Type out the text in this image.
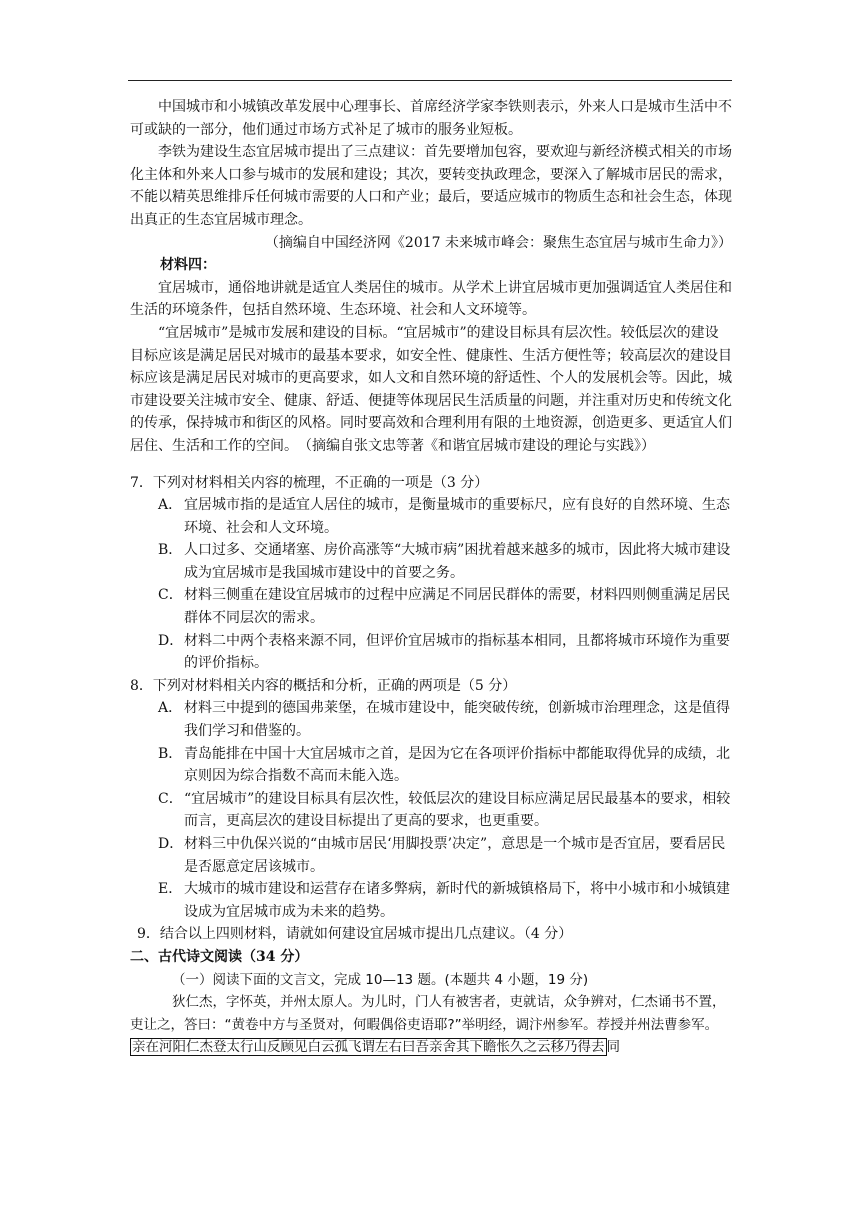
中国城市和小城镇改革发展中心理事长、首席经济学家李铁则表示，外来人口是城市生活中不可或缺的一部分，他们通过市场方式补足了城市的服务业短板。

李铁为建设生态宜居城市提出了三点建议：首先要增加包容，要欢迎与新经济模式相关的市场化主体和外来人口参与城市的发展和建设；其次，要转变执政理念，要深入了解城市居民的需求，不能以精英思维排斥任何城市需要的人口和产业；最后，要适应城市的物质生态和社会生态，体现出真正的生态宜居城市理念。

（摘编自中国经济网《2017 未来城市峰会：聚焦生态宜居与城市生命力》）

材料四：

宜居城市，通俗地讲就是适宜人类居住的城市。从学术上讲宜居城市更加强调适宜人类居住和生活的环境条件，包括自然环境、生态环境、社会和人文环境等。

“宜居城市”是城市发展和建设的目标。“宜居城市”的建设目标具有层次性。较低层次的建设目标应该是满足居民对城市的最基本要求，如安全性、健康性、生活方便性等；较高层次的建设目标应该是满足居民对城市的更高要求，如人文和自然环境的舒适性、个人的发展机会等。因此，城市建设要关注城市安全、健康、舒适、便捷等体现居民生活质量的问题，并注重对历史和传统文化的传承，保持城市和街区的风格。同时要高效和合理利用有限的土地资源，创造更多、更适宜人们居住、生活和工作的空间。　（摘编自张文忠等著《和谐宜居城市建设的理论与实践》）

7．下列对材料相关内容的梳理，不正确的一项是（3 分）

A． 宜居城市指的是适宜人居住的城市，是衡量城市的重要标尺，应有良好的自然环境、生态环境、社会和人文环境。
B． 人口过多、交通堵塞、房价高涨等“大城市病”困扰着越来越多的城市，因此将大城市建设成为宜居城市是我国城市建设中的首要之务。
C． 材料三侧重在建设宜居城市的过程中应满足不同居民群体的需要，材料四则侧重满足居民群体不同层次的需求。
D． 材料二中两个表格来源不同，但评价宜居城市的指标基本相同，且都将城市环境作为重要的评价指标。

8．下列对材料相关内容的概括和分析，正确的两项是（5 分）

A． 材料三中提到的德国弗莱堡，在城市建设中，能突破传统，创新城市治理理念，这是值得我们学习和借鉴的。
B． 青岛能排在中国十大宜居城市之首，是因为它在各项评价指标中都能取得优异的成绩，北京则因为综合指数不高而未能入选。
C． “宜居城市”的建设目标具有层次性，较低层次的建设目标应满足居民最基本的要求，相较而言，更高层次的建设目标提出了更高的要求，也更重要。
D． 材料三中仇保兴说的“由城市居民‘用脚投票’决定”，意思是一个城市是否宜居，要看居民是否愿意定居该城市。
E． 大城市的城市建设和运营存在诸多弊病，新时代的新城镇格局下，将中小城市和小城镇建设成为宜居城市成为未来的趋势。

9．结合以上四则材料，请就如何建设宜居城市提出几点建议。（4 分）

二、古代诗文阅读（34 分）

（一）阅读下面的文言文，完成 10—13 题。(本题共 4 小题，19 分)

狄仁杰，字怀英，并州太原人。为儿时，门人有被害者，吏就诘，众争辨对，仁杰诵书不置，吏让之，答曰：“黄卷中方与圣贤对，何暇偶俗吏语耶?”举明经，调汴州参军。荐授并州法曹参军。亲在河阳仁杰登太行山反顾见白云孤飞谓左右曰吾亲舍其下瞻怅久之云移乃得去 同
